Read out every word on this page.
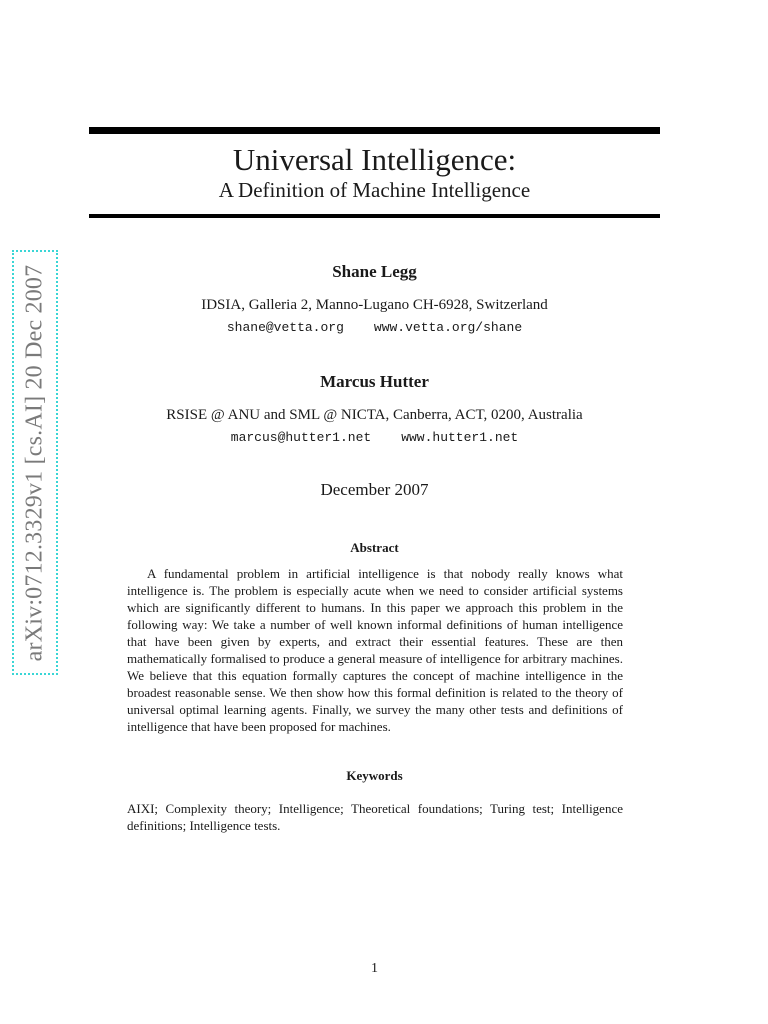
arXiv:0712.3329v1 [cs.AI] 20 Dec 2007
Universal Intelligence:
A Definition of Machine Intelligence
Shane Legg
IDSIA, Galleria 2, Manno-Lugano CH-6928, Switzerland
shane@vetta.org www.vetta.org/shane
Marcus Hutter
RSISE @ ANU and SML @ NICTA, Canberra, ACT, 0200, Australia
marcus@hutter1.net www.hutter1.net
December 2007
Abstract

A fundamental problem in artificial intelligence is that nobody really knows what intelligence is. The problem is especially acute when we need to consider artificial systems which are significantly different to humans. In this paper we approach this problem in the following way: We take a number of well known informal definitions of human intelligence that have been given by experts, and extract their essential features. These are then mathematically formalised to produce a general measure of intelligence for arbitrary machines. We believe that this equation formally captures the concept of machine intelligence in the broadest reasonable sense. We then show how this formal definition is related to the theory of universal optimal learning agents. Finally, we survey the many other tests and definitions of intelligence that have been proposed for machines.

Keywords

AIXI; Complexity theory; Intelligence; Theoretical foundations; Turing test; Intelligence definitions; Intelligence tests.

1
